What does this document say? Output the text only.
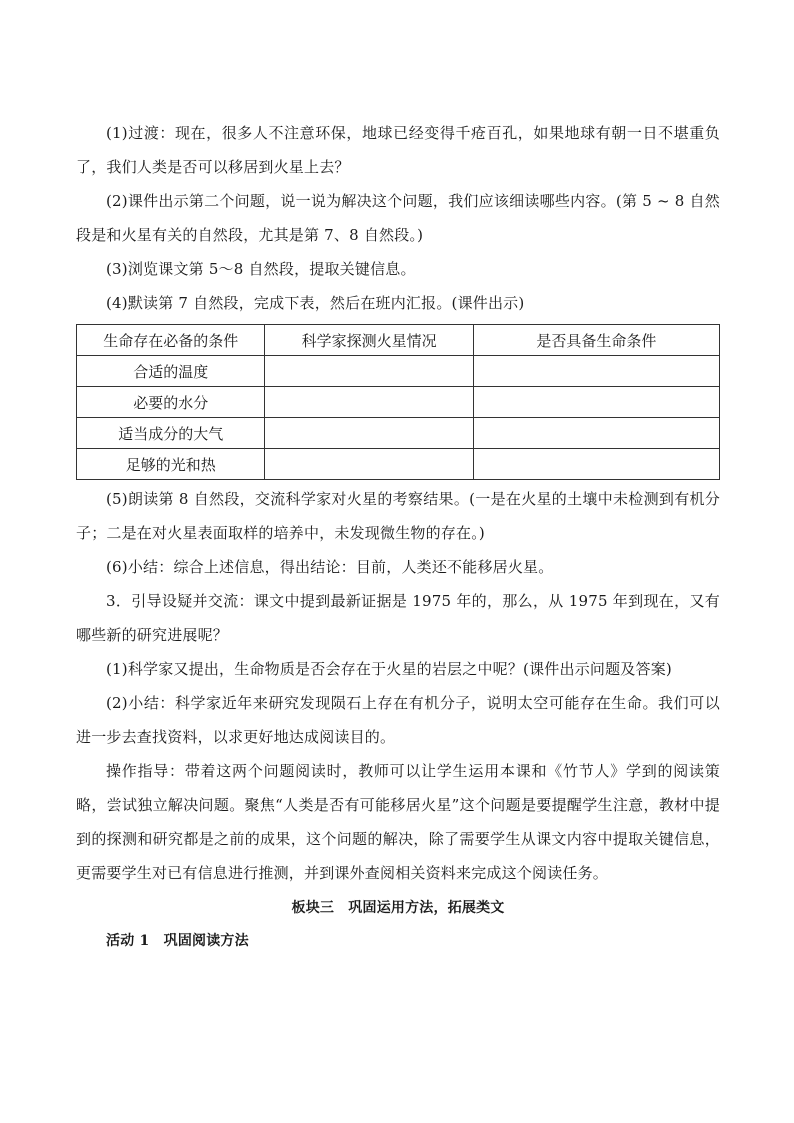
(1)过渡：现在，很多人不注意环保，地球已经变得千疮百孔，如果地球有朝一日不堪重负了，我们人类是否可以移居到火星上去？

(2)课件出示第二个问题，说一说为解决这个问题，我们应该细读哪些内容。(第 5 ~ 8 自然段是和火星有关的自然段，尤其是第 7、8 自然段。)

(3)浏览课文第 5～8 自然段，提取关键信息。

(4)默读第 7 自然段，完成下表，然后在班内汇报。(课件出示)

生命存在必备的条件	科学家探测火星情况	是否具备生命条件
合适的温度		
必要的水分		
适当成分的大气		
足够的光和热		

(5)朗读第 8 自然段，交流科学家对火星的考察结果。(一是在火星的土壤中未检测到有机分子；二是在对火星表面取样的培养中，未发现微生物的存在。)

(6)小结：综合上述信息，得出结论：目前，人类还不能移居火星。

3．引导设疑并交流：课文中提到最新证据是 1975 年的，那么，从 1975 年到现在，又有哪些新的研究进展呢？

(1)科学家又提出，生命物质是否会存在于火星的岩层之中呢？(课件出示问题及答案)

(2)小结：科学家近年来研究发现陨石上存在有机分子，说明太空可能存在生命。我们可以进一步去查找资料，以求更好地达成阅读目的。

操作指导：带着这两个问题阅读时，教师可以让学生运用本课和《竹节人》学到的阅读策略，尝试独立解决问题。聚焦“人类是否有可能移居火星”这个问题是要提醒学生注意，教材中提到的探测和研究都是之前的成果，这个问题的解决，除了需要学生从课文内容中提取关键信息，更需要学生对已有信息进行推测，并到课外查阅相关资料来完成这个阅读任务。

板块三　巩固运用方法，拓展类文

活动 1　巩固阅读方法
